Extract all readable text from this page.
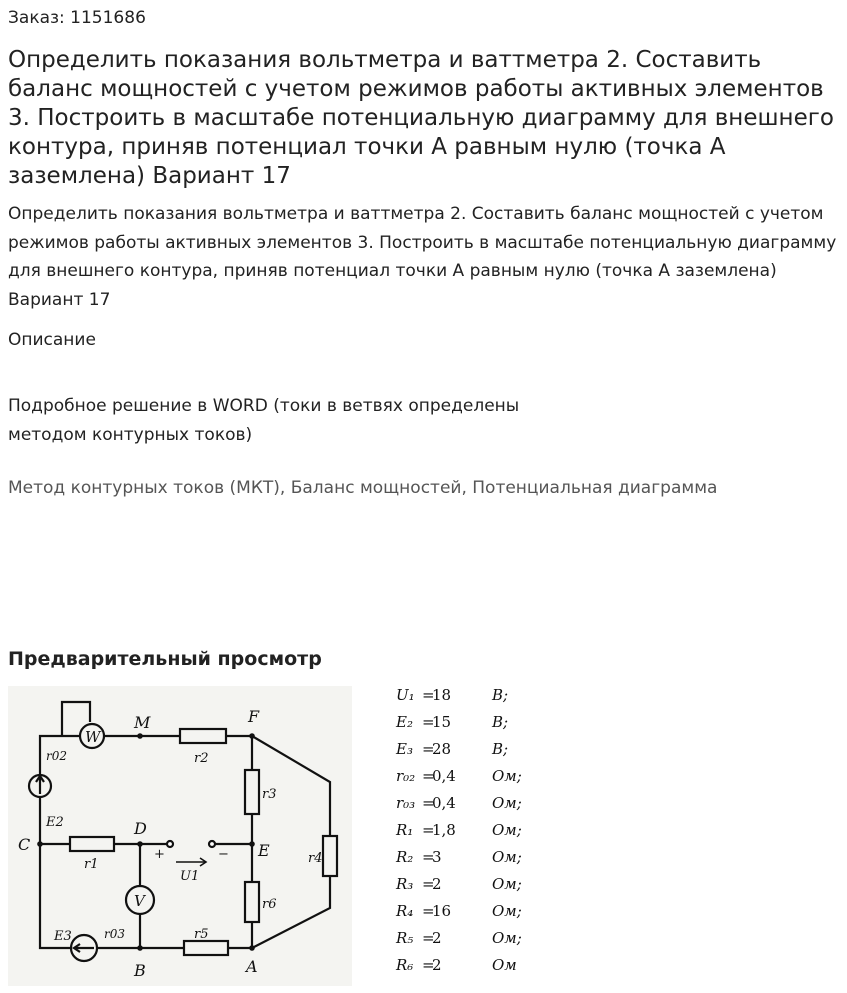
Заказ: 1151686
Определить показания вольтметра и ваттметра 2. Составить баланс мощностей с учетом режимов работы активных элементов 3. Построить в масштабе потенциальную диаграмму для внешнего контура, приняв потенциал точки А равным нулю (точка А заземлена) Вариант 17
Определить показания вольтметра и ваттметра 2. Составить баланс мощностей с учетом режимов работы активных элементов 3. Построить в масштабе потенциальную диаграмму для внешнего контура, приняв потенциал точки А равным нулю (точка А заземлена) Вариант 17
Описание
Подробное решение в WORD (токи в ветвях определены
методом контурных токов)
Метод контурных токов (МКТ), Баланс мощностей, Потенциальная диаграмма
Предварительный просмотр
W
V
M	F
C
D
E
B	A
r02
r03
r1
r2
r3
r4
r5
r6
E2
E3
U1
+	−
U₁ =
18	В;
E₂ =
15	В;
E₃ =
28	В;
r₀₂ =
0,4 Ом;
r₀₃ =
0,4 Ом;
R₁ =
1,8 Ом;
R₂ =
3	Ом;
R₃ =
2	Ом;
R₄ =
16	Ом;
R₅ =
2	Ом;
R₆ =
2	Ом
